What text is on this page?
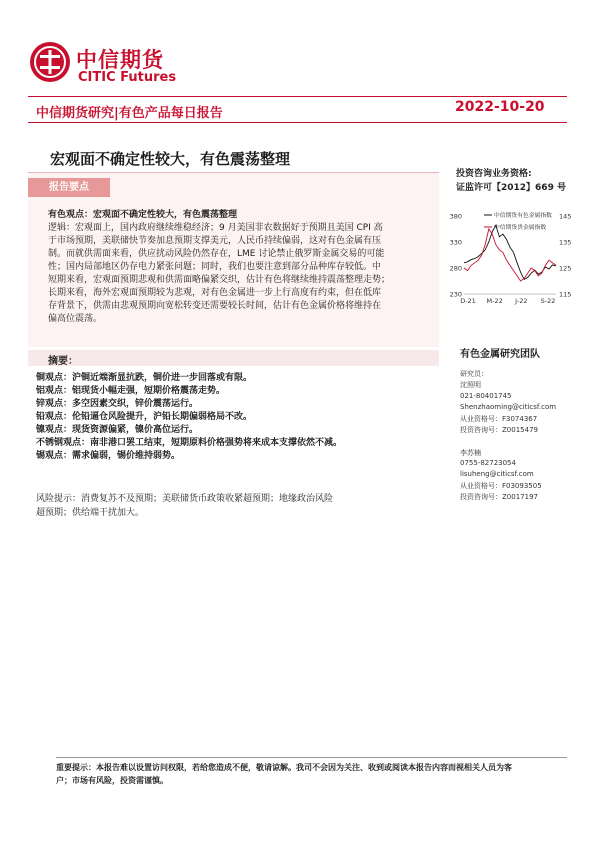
中信期货
CITIC Futures
中信期货研究|有色产品每日报告	2022-10-20
宏观面不确定性较大，有色震荡整理
报告要点
有色观点：宏观面不确定性较大，有色震荡整理
逻辑：宏观面上，国内政府继续维稳经济；9 月美国非农数据好于预期且美国 CPI 高
于市场预期，美联储快节奏加息预期支撑美元，人民币持续偏弱，这对有色金属有压
制。而就供需面来看，供应扰动风险仍然存在，LME 讨论禁止俄罗斯金属交易的可能
性；国内局部地区仍存电力紧张问题；同时，我们也要注意到部分品种库存较低。中
短期来看，宏观面预期悲观和供需面略偏紧交织，估计有色将继续维持震荡整理走势；
长期来看，海外宏观面预期较为悲观，对有色金属进一步上行高度有约束，但在低库
存背景下，供需由悲观预期向宽松转变还需要较长时间，估计有色金属价格将维持在
偏高位震荡。
投资咨询业务资格:
证监许可【2012】669 号
380
330
280
230
145
135
125
115
D-21 M-22 J-22 S-22
中信期货有色金属指数
中信期货贵金属指数
摘要：
铜观点：沪铜近端渐显抗跌，铜价进一步回落或有限。
铝观点：铝现货小幅走强，短期价格震荡走势。
锌观点：多空因素交织，锌价震荡运行。
铅观点：伦铅逼仓风险提升，沪铅长期偏弱格局不改。
镍观点：现货资源偏紧，镍价高位运行。
不锈钢观点：南非港口罢工结束，短期原料价格强势将来成本支撑依然不减。
锡观点：需求偏弱，锡价维持弱势。
风险提示：消费复苏不及预期；美联储货币政策收紧超预期；地缘政治风险
超预期；供给端干扰加大。
有色金属研究团队
研究员：
沈照明
021-80401745
Shenzhaoming@citicsf.com
从业资格号：F3074367
投资咨询号：Z0015479
李苏楠
0755-82723054
lisuheng@citicsf.com
从业资格号：F03093505
投资咨询号：Z0017197
重要提示：本报告难以设置访问权限，若给您造成不便，敬请谅解。我司不会因为关注、收到或阅读本报告内容而视相关人员为客
户；市场有风险，投资需谨慎。
